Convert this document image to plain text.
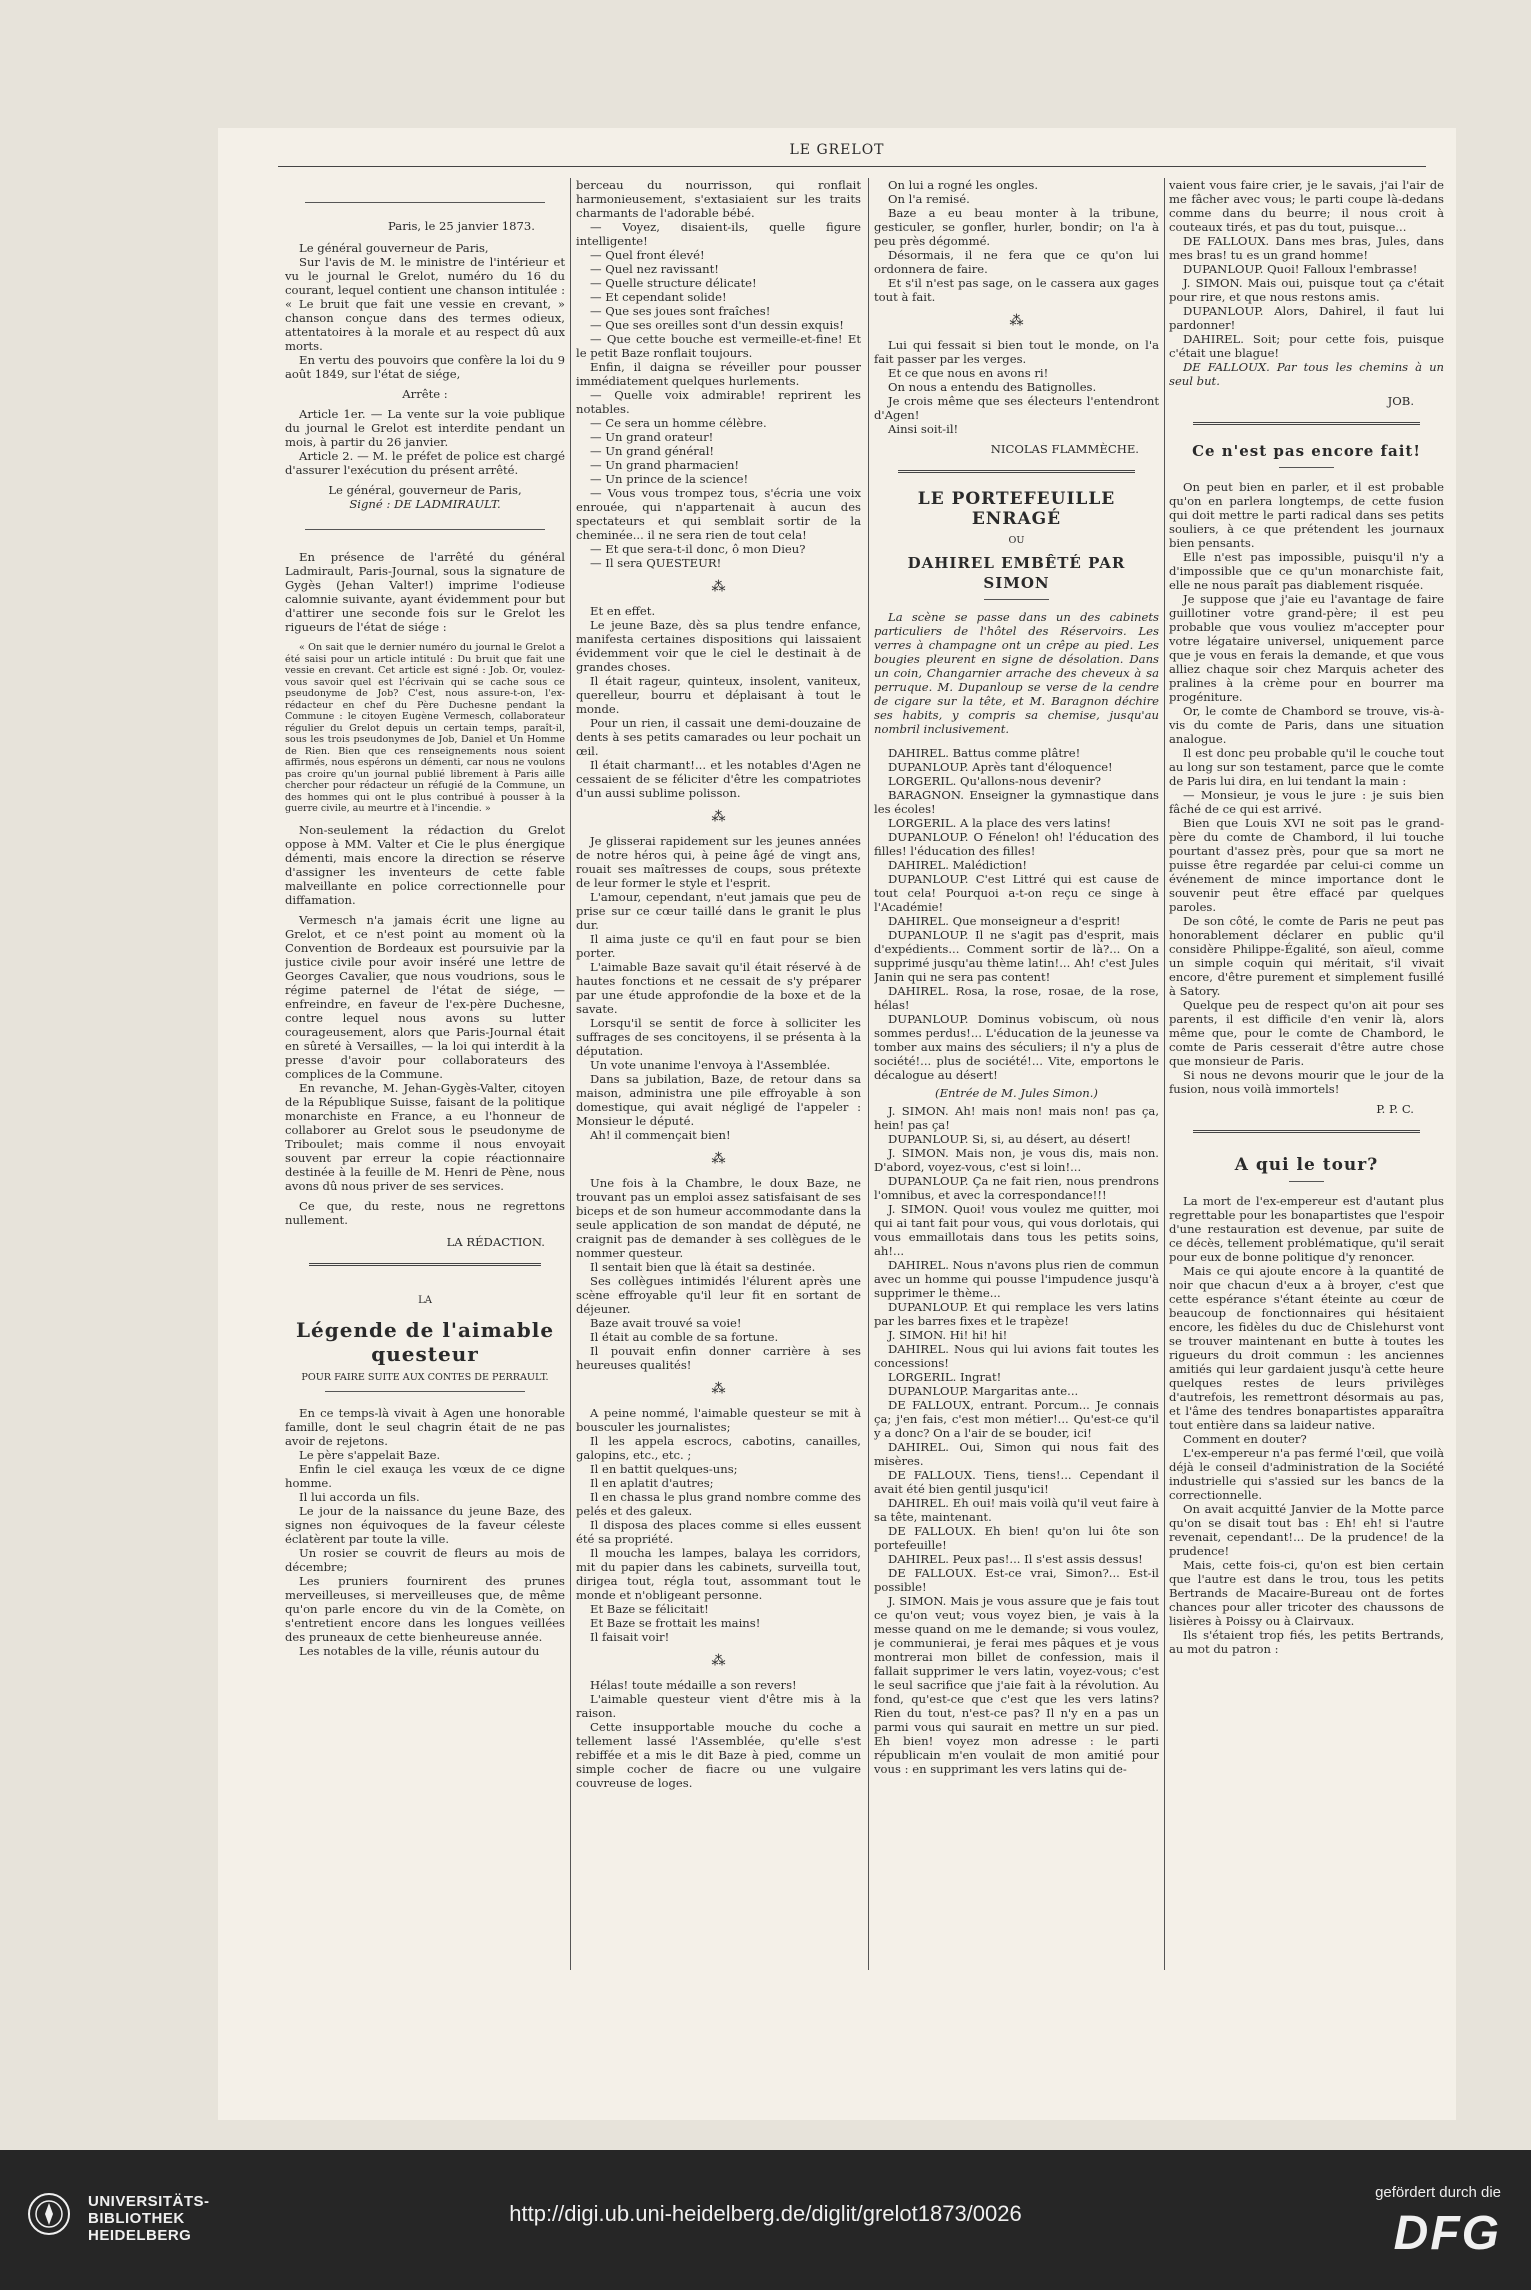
LE GRELOT

Paris, le 25 janvier 1873.

Le général gouverneur de Paris,

Sur l'avis de M. le ministre de l'intérieur et vu le journal le Grelot, numéro du 16 du courant, lequel contient une chanson intitulée : « Le bruit que fait une vessie en crevant, » chanson conçue dans des termes odieux, attentatoires à la morale et au respect dû aux morts.

En vertu des pouvoirs que confère la loi du 9 août 1849, sur l'état de siége,

Arrête :

Article 1er. — La vente sur la voie publique du journal le Grelot est interdite pendant un mois, à partir du 26 janvier.

Article 2. — M. le préfet de police est chargé d'assurer l'exécution du présent arrêté.

Le général, gouverneur de Paris,

Signé : DE LADMIRAULT.

En présence de l'arrêté du général Ladmirault, Paris-Journal, sous la signature de Gygès (Jehan Valter!) imprime l'odieuse calomnie suivante, ayant évidemment pour but d'attirer une seconde fois sur le Grelot les rigueurs de l'état de siége :

« On sait que le dernier numéro du journal le Grelot a été saisi pour un article intitulé : Du bruit que fait une vessie en crevant. Cet article est signé : Job. Or, voulez-vous savoir quel est l'écrivain qui se cache sous ce pseudonyme de Job? C'est, nous assure-t-on, l'ex-rédacteur en chef du Père Duchesne pendant la Commune : le citoyen Eugène Vermesch, collaborateur régulier du Grelot depuis un certain temps, paraît-il, sous les trois pseudonymes de Job, Daniel et Un Homme de Rien. Bien que ces renseignements nous soient affirmés, nous espérons un démenti, car nous ne voulons pas croire qu'un journal publié librement à Paris aille chercher pour rédacteur un réfugié de la Commune, un des hommes qui ont le plus contribué à pousser à la guerre civile, au meurtre et à l'incendie. »

Non-seulement la rédaction du Grelot oppose à MM. Valter et Cie le plus énergique démenti, mais encore la direction se réserve d'assigner les inventeurs de cette fable malveillante en police correctionnelle pour diffamation.

Vermesch n'a jamais écrit une ligne au Grelot, et ce n'est point au moment où la Convention de Bordeaux est poursuivie par la justice civile pour avoir inséré une lettre de Georges Cavalier, que nous voudrions, sous le régime paternel de l'état de siége, — enfreindre, en faveur de l'ex-père Duchesne, contre lequel nous avons su lutter courageusement, alors que Paris-Journal était en sûreté à Versailles, — la loi qui interdit à la presse d'avoir pour collaborateurs des complices de la Commune.

En revanche, M. Jehan-Gygès-Valter, citoyen de la République Suisse, faisant de la politique monarchiste en France, a eu l'honneur de collaborer au Grelot sous le pseudonyme de Triboulet; mais comme il nous envoyait souvent par erreur la copie réactionnaire destinée à la feuille de M. Henri de Pène, nous avons dû nous priver de ses services.

Ce que, du reste, nous ne regrettons nullement.

LA RÉDACTION.

LA

Légende de l'aimable questeur

POUR FAIRE SUITE AUX CONTES DE PERRAULT.

En ce temps-là vivait à Agen une honorable famille, dont le seul chagrin était de ne pas avoir de rejetons.

Le père s'appelait Baze.

Enfin le ciel exauça les vœux de ce digne homme.

Il lui accorda un fils.

Le jour de la naissance du jeune Baze, des signes non équivoques de la faveur céleste éclatèrent par toute la ville.

Un rosier se couvrit de fleurs au mois de décembre;

Les pruniers fournirent des prunes merveilleuses, si merveilleuses que, de même qu'on parle encore du vin de la Comète, on s'entretient encore dans les longues veillées des pruneaux de cette bienheureuse année.

Les notables de la ville, réunis autour du

berceau du nourrisson, qui ronflait harmonieusement, s'extasiaient sur les traits charmants de l'adorable bébé.

— Voyez, disaient-ils, quelle figure intelligente!

— Quel front élevé!

— Quel nez ravissant!

— Quelle structure délicate!

— Et cependant solide!

— Que ses joues sont fraîches!

— Que ses oreilles sont d'un dessin exquis!

— Que cette bouche est vermeille-et-fine! Et le petit Baze ronflait toujours.

Enfin, il daigna se réveiller pour pousser immédiatement quelques hurlements.

— Quelle voix admirable! reprirent les notables.

— Ce sera un homme célèbre.

— Un grand orateur!

— Un grand général!

— Un grand pharmacien!

— Un prince de la science!

— Vous vous trompez tous, s'écria une voix enrouée, qui n'appartenait à aucun des spectateurs et qui semblait sortir de la cheminée... il ne sera rien de tout cela!

— Et que sera-t-il donc, ô mon Dieu?

— Il sera QUESTEUR!

⁂

Et en effet.

Le jeune Baze, dès sa plus tendre enfance, manifesta certaines dispositions qui laissaient évidemment voir que le ciel le destinait à de grandes choses.

Il était rageur, quinteux, insolent, vaniteux, querelleur, bourru et déplaisant à tout le monde.

Pour un rien, il cassait une demi-douzaine de dents à ses petits camarades ou leur pochait un œil.

Il était charmant!... et les notables d'Agen ne cessaient de se féliciter d'être les compatriotes d'un aussi sublime polisson.

⁂

Je glisserai rapidement sur les jeunes années de notre héros qui, à peine âgé de vingt ans, rouait ses maîtresses de coups, sous prétexte de leur former le style et l'esprit.

L'amour, cependant, n'eut jamais que peu de prise sur ce cœur taillé dans le granit le plus dur.

Il aima juste ce qu'il en faut pour se bien porter.

L'aimable Baze savait qu'il était réservé à de hautes fonctions et ne cessait de s'y préparer par une étude approfondie de la boxe et de la savate.

Lorsqu'il se sentit de force à solliciter les suffrages de ses concitoyens, il se présenta à la députation.

Un vote unanime l'envoya à l'Assemblée.

Dans sa jubilation, Baze, de retour dans sa maison, administra une pile effroyable à son domestique, qui avait négligé de l'appeler : Monsieur le député.

Ah! il commençait bien!

⁂

Une fois à la Chambre, le doux Baze, ne trouvant pas un emploi assez satisfaisant de ses biceps et de son humeur accommodante dans la seule application de son mandat de député, ne craignit pas de demander à ses collègues de le nommer questeur.

Il sentait bien que là était sa destinée.

Ses collègues intimidés l'élurent après une scène effroyable qu'il leur fit en sortant de déjeuner.

Baze avait trouvé sa voie!

Il était au comble de sa fortune.

Il pouvait enfin donner carrière à ses heureuses qualités!

⁂

A peine nommé, l'aimable questeur se mit à bousculer les journalistes;

Il les appela escrocs, cabotins, canailles, galopins, etc., etc. ;

Il en battit quelques-uns;

Il en aplatit d'autres;

Il en chassa le plus grand nombre comme des pelés et des galeux.

Il disposa des places comme si elles eussent été sa propriété.

Il moucha les lampes, balaya les corridors, mit du papier dans les cabinets, surveilla tout, dirigea tout, régla tout, assommant tout le monde et n'obligeant personne.

Et Baze se félicitait!

Et Baze se frottait les mains!

Il faisait voir!

⁂

Hélas! toute médaille a son revers!

L'aimable questeur vient d'être mis à la raison.

Cette insupportable mouche du coche a tellement lassé l'Assemblée, qu'elle s'est rebiffée et a mis le dit Baze à pied, comme un simple cocher de fiacre ou une vulgaire couvreuse de loges.

On lui a rogné les ongles.

On l'a remisé.

Baze a eu beau monter à la tribune, gesticuler, se gonfler, hurler, bondir; on l'a à peu près dégommé.

Désormais, il ne fera que ce qu'on lui ordonnera de faire.

Et s'il n'est pas sage, on le cassera aux gages tout à fait.

⁂

Lui qui fessait si bien tout le monde, on l'a fait passer par les verges.

Et ce que nous en avons ri!

On nous a entendu des Batignolles.

Je crois même que ses électeurs l'entendront d'Agen!

Ainsi soit-il!

NICOLAS FLAMMÈCHE.

LE PORTEFEUILLE ENRAGÉ

OU

DAHIREL EMBÊTÉ PAR SIMON

La scène se passe dans un des cabinets particuliers de l'hôtel des Réservoirs. Les verres à champagne ont un crêpe au pied. Les bougies pleurent en signe de désolation. Dans un coin, Changarnier arrache des cheveux à sa perruque. M. Dupanloup se verse de la cendre de cigare sur la tête, et M. Baragnon déchire ses habits, y compris sa chemise, jusqu'au nombril inclusivement.

DAHIREL. Battus comme plâtre!

DUPANLOUP. Après tant d'éloquence!

LORGERIL. Qu'allons-nous devenir?

BARAGNON. Enseigner la gymnastique dans les écoles!

LORGERIL. A la place des vers latins!

DUPANLOUP. O Fénelon! oh! l'éducation des filles! l'éducation des filles!

DAHIREL. Malédiction!

DUPANLOUP. C'est Littré qui est cause de tout cela! Pourquoi a-t-on reçu ce singe à l'Académie!

DAHIREL. Que monseigneur a d'esprit!

DUPANLOUP. Il ne s'agit pas d'esprit, mais d'expédients... Comment sortir de là?... On a supprimé jusqu'au thème latin!... Ah! c'est Jules Janin qui ne sera pas content!

DAHIREL. Rosa, la rose, rosae, de la rose, hélas!

DUPANLOUP. Dominus vobiscum, où nous sommes perdus!... L'éducation de la jeunesse va tomber aux mains des séculiers; il n'y a plus de société!... plus de société!... Vite, emportons le décalogue au désert!

(Entrée de M. Jules Simon.)

J. SIMON. Ah! mais non! mais non! pas ça, hein! pas ça!

DUPANLOUP. Si, si, au désert, au désert!

J. SIMON. Mais non, je vous dis, mais non. D'abord, voyez-vous, c'est si loin!...

DUPANLOUP. Ça ne fait rien, nous prendrons l'omnibus, et avec la correspondance!!!

J. SIMON. Quoi! vous voulez me quitter, moi qui ai tant fait pour vous, qui vous dorlotais, qui vous emmaillotais dans tous les petits soins, ah!...

DAHIREL. Nous n'avons plus rien de commun avec un homme qui pousse l'impudence jusqu'à supprimer le thème...

DUPANLOUP. Et qui remplace les vers latins par les barres fixes et le trapèze!

J. SIMON. Hi! hi! hi!

DAHIREL. Nous qui lui avions fait toutes les concessions!

LORGERIL. Ingrat!

DUPANLOUP. Margaritas ante...

DE FALLOUX, entrant. Porcum... Je connais ça; j'en fais, c'est mon métier!... Qu'est-ce qu'il y a donc? On a l'air de se bouder, ici!

DAHIREL. Oui, Simon qui nous fait des misères.

DE FALLOUX. Tiens, tiens!... Cependant il avait été bien gentil jusqu'ici!

DAHIREL. Eh oui! mais voilà qu'il veut faire à sa tête, maintenant.

DE FALLOUX. Eh bien! qu'on lui ôte son portefeuille!

DAHIREL. Peux pas!... Il s'est assis dessus!

DE FALLOUX. Est-ce vrai, Simon?... Est-il possible!

J. SIMON. Mais je vous assure que je fais tout ce qu'on veut; vous voyez bien, je vais à la messe quand on me le demande; si vous voulez, je communierai, je ferai mes pâques et je vous montrerai mon billet de confession, mais il fallait supprimer le vers latin, voyez-vous; c'est le seul sacrifice que j'aie fait à la révolution. Au fond, qu'est-ce que c'est que les vers latins? Rien du tout, n'est-ce pas? Il n'y en a pas un parmi vous qui saurait en mettre un sur pied. Eh bien! voyez mon adresse : le parti républicain m'en voulait de mon amitié pour vous : en supprimant les vers latins qui de-

vaient vous faire crier, je le savais, j'ai l'air de me fâcher avec vous; le parti coupe là-dedans comme dans du beurre; il nous croit à couteaux tirés, et pas du tout, puisque...

DE FALLOUX. Dans mes bras, Jules, dans mes bras! tu es un grand homme!

DUPANLOUP. Quoi! Falloux l'embrasse!

J. SIMON. Mais oui, puisque tout ça c'était pour rire, et que nous restons amis.

DUPANLOUP. Alors, Dahirel, il faut lui pardonner!

DAHIREL. Soit; pour cette fois, puisque c'était une blague!

DE FALLOUX. Par tous les chemins à un seul but.

JOB.

Ce n'est pas encore fait!

On peut bien en parler, et il est probable qu'on en parlera longtemps, de cette fusion qui doit mettre le parti radical dans ses petits souliers, à ce que prétendent les journaux bien pensants.

Elle n'est pas impossible, puisqu'il n'y a d'impossible que ce qu'un monarchiste fait, elle ne nous paraît pas diablement risquée.

Je suppose que j'aie eu l'avantage de faire guillotiner votre grand-père; il est peu probable que vous vouliez m'accepter pour votre légataire universel, uniquement parce que je vous en ferais la demande, et que vous alliez chaque soir chez Marquis acheter des pralines à la crème pour en bourrer ma progéniture.

Or, le comte de Chambord se trouve, vis-à-vis du comte de Paris, dans une situation analogue.

Il est donc peu probable qu'il le couche tout au long sur son testament, parce que le comte de Paris lui dira, en lui tendant la main :

— Monsieur, je vous le jure : je suis bien fâché de ce qui est arrivé.

Bien que Louis XVI ne soit pas le grand-père du comte de Chambord, il lui touche pourtant d'assez près, pour que sa mort ne puisse être regardée par celui-ci comme un événement de mince importance dont le souvenir peut être effacé par quelques paroles.

De son côté, le comte de Paris ne peut pas honorablement déclarer en public qu'il considère Philippe-Égalité, son aïeul, comme un simple coquin qui méritait, s'il vivait encore, d'être purement et simplement fusillé à Satory.

Quelque peu de respect qu'on ait pour ses parents, il est difficile d'en venir là, alors même que, pour le comte de Chambord, le comte de Paris cesserait d'être autre chose que monsieur de Paris.

Si nous ne devons mourir que le jour de la fusion, nous voilà immortels!

P. P. C.

A qui le tour?

La mort de l'ex-empereur est d'autant plus regrettable pour les bonapartistes que l'espoir d'une restauration est devenue, par suite de ce décès, tellement problématique, qu'il serait pour eux de bonne politique d'y renoncer.

Mais ce qui ajoute encore à la quantité de noir que chacun d'eux a à broyer, c'est que cette espérance s'étant éteinte au cœur de beaucoup de fonctionnaires qui hésitaient encore, les fidèles du duc de Chislehurst vont se trouver maintenant en butte à toutes les rigueurs du droit commun : les anciennes amitiés qui leur gardaient jusqu'à cette heure quelques restes de leurs privilèges d'autrefois, les remettront désormais au pas, et l'âme des tendres bonapartistes apparaîtra tout entière dans sa laideur native.

Comment en douter?

L'ex-empereur n'a pas fermé l'œil, que voilà déjà le conseil d'administration de la Société industrielle qui s'assied sur les bancs de la correctionnelle.

On avait acquitté Janvier de la Motte parce qu'on se disait tout bas : Eh! eh! si l'autre revenait, cependant!... De la prudence! de la prudence!

Mais, cette fois-ci, qu'on est bien certain que l'autre est dans le trou, tous les petits Bertrands de Macaire-Bureau ont de fortes chances pour aller tricoter des chaussons de lisières à Poissy ou à Clairvaux.

Ils s'étaient trop fiés, les petits Bertrands, au mot du patron :

UNIVERSITÄTS-
BIBLIOTHEK
HEIDELBERG
http://digi.ub.uni-heidelberg.de/diglit/grelot1873/0026
gefördert durch die
DFG
